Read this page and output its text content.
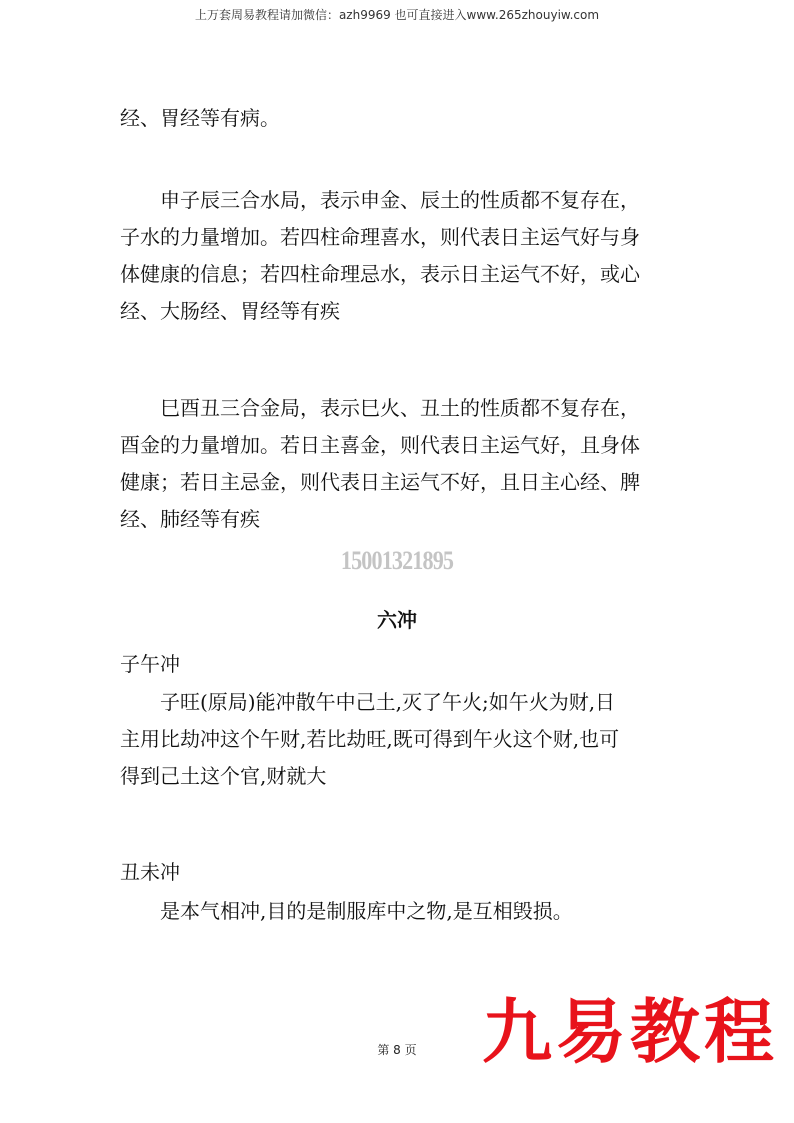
上万套周易教程请加微信：azh9969 也可直接进入www.265zhouyiw.com

经、胃经等有病。

申子辰三合水局，表示申金、辰土的性质都不复存在，
子水的力量增加。若四柱命理喜水，则代表日主运气好与身
体健康的信息；若四柱命理忌水，表示日主运气不好，或心
经、大肠经、胃经等有疾

巳酉丑三合金局，表示巳火、丑土的性质都不复存在，
酉金的力量增加。若日主喜金，则代表日主运气好，且身体
健康；若日主忌金，则代表日主运气不好，且日主心经、脾
经、肺经等有疾

15001321895
六冲
子午冲

子旺(原局)能冲散午中己土,灭了午火;如午火为财,日
主用比劫冲这个午财,若比劫旺,既可得到午火这个财,也可
得到己土这个官,财就大

丑未冲

是本气相冲,目的是制服库中之物,是互相毁损。

第 8 页 九易教程
